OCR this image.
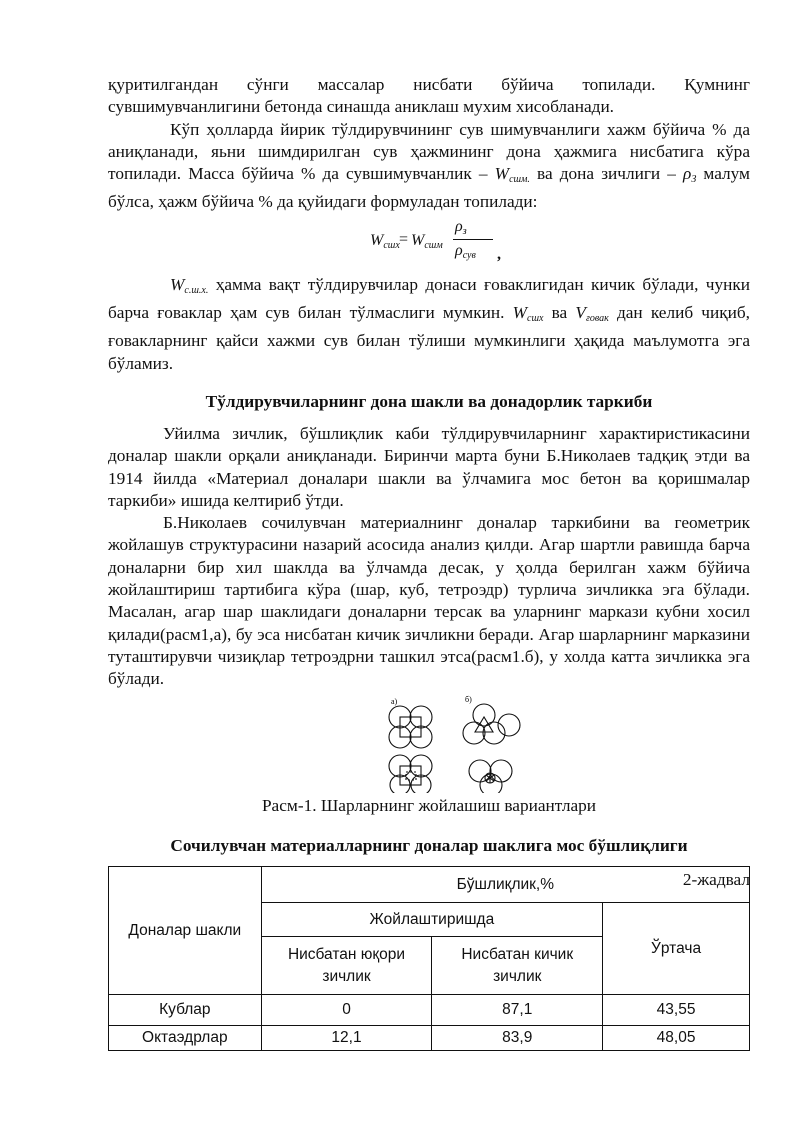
қуритилгандан сўнги массалар нисбати бўйича топилади. Қумнинг сувшимувчанлигини бетонда синашда аниклаш мухим хисобланади.

Кўп ҳолларда йирик тўлдирувчининг сув шимувчанлиги хажм бўйича % да аниқланади, яьни шимдирилган сув ҳажмининг дона ҳажмига нисбатига кўра топилади. Масса бўйича % да сувшимувчанлик – $W_{сшм.}$ ва дона зичлиги – $\rho_З$ малум бўлса, ҳажм бўйича % да қуйидаги формуладан топилади:

$W_{сшх} = W_{сшм}$
$\rho_з$
$\rho_{сув}$ ,

$W_{с.ш.х.}$ ҳамма вақт тўлдирувчилар донаси ғоваклигидан кичик бўлади, чунки барча ғоваклар ҳам сув билан тўлмаслиги мумкин. $W_{сшх}$ ва $V_{ғовак}$ дан келиб чиқиб, ғовакларнинг қайси хажми сув билан тўлиши мумкинлиги ҳақида маълумотга эга бўламиз.

Тўлдирувчиларнинг дона шакли ва донадорлик таркиби

Уйилма зичлик, бўшлиқлик каби тўлдирувчиларнинг характиристикасини доналар шакли орқали аниқланади. Биринчи марта буни Б.Николаев тадқиқ этди ва 1914 йилда «Материал доналари шакли ва ўлчамига мос бетон ва қоришмалар таркиби» ишида келтириб ўтди.

Б.Николаев сочилувчан материалнинг доналар таркибини ва геометрик жойлашув структурасини назарий асосида анализ қилди. Агар шартли равишда барча доналарни бир хил шаклда ва ўлчамда десак, у ҳолда берилган хажм бўйича жойлаштириш тартибига кўра (шар, куб, тетроэдр) турлича зичликка эга бўлади. Масалан, агар шар шаклидаги доналарни терсак ва уларнинг маркази кубни хосил қилади(расм1,а), бу эса нисбатан кичик зичликни беради. Агар шарларнинг марказини туташтирувчи чизиқлар тетроэдрни ташкил этса(расм1.б), у холда катта зичликка эга бўлади.

а)	б)
Расм-1. Шарларнинг жойлашиш вариантлари
Сочилувчан материалларнинг доналар шаклига мос бўшлиқлиги
2-жадвал
Доналар шакли	Бўшлиқлик,%		
	Жойлаштиришда		Ўртача
	Нисбатан юқори зичлик	Нисбатан кичик зичлик	
Кублар	0	87,1	43,55
Октаэдрлар	12,1	83,9	48,05
